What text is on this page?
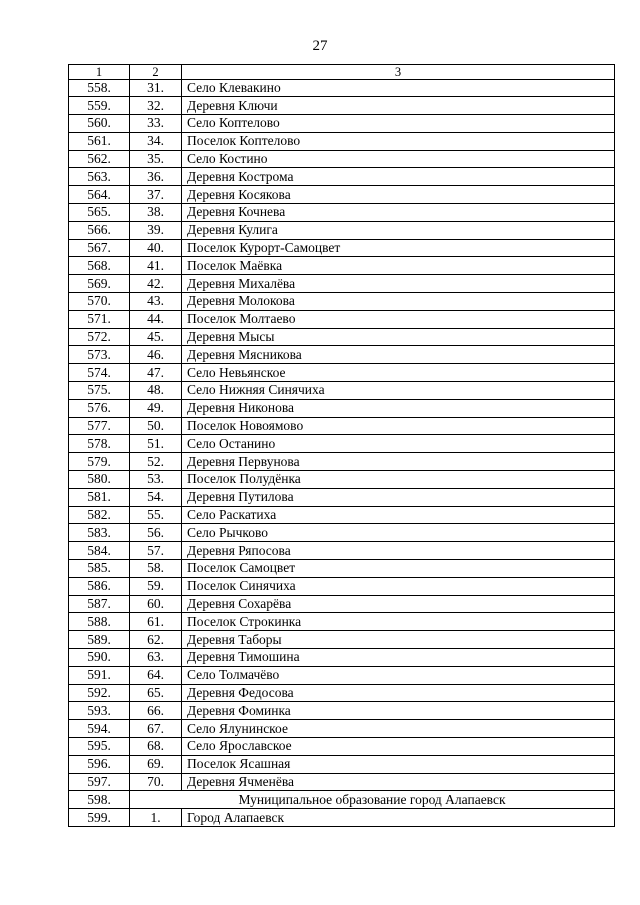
27
1	2	3
558.	31.	Село Клевакино
559.	32.	Деревня Ключи
560.	33.	Село Коптелово
561.	34.	Поселок Коптелово
562.	35.	Село Костино
563.	36.	Деревня Кострома
564.	37.	Деревня Косякова
565.	38.	Деревня Кочнева
566.	39.	Деревня Кулига
567.	40.	Поселок Курорт-Самоцвет
568.	41.	Поселок Маёвка
569.	42.	Деревня Михалёва
570.	43.	Деревня Молокова
571.	44.	Поселок Молтаево
572.	45.	Деревня Мысы
573.	46.	Деревня Мясникова
574.	47.	Село Невьянское
575.	48.	Село Нижняя Синячиха
576.	49.	Деревня Никонова
577.	50.	Поселок Новоямово
578.	51.	Село Останино
579.	52.	Деревня Первунова
580.	53.	Поселок Полудёнка
581.	54.	Деревня Путилова
582.	55.	Село Раскатиха
583.	56.	Село Рычково
584.	57.	Деревня Ряпосова
585.	58.	Поселок Самоцвет
586.	59.	Поселок Синячиха
587.	60.	Деревня Сохарёва
588.	61.	Поселок Строкинка
589.	62.	Деревня Таборы
590.	63.	Деревня Тимошина
591.	64.	Село Толмачёво
592.	65.	Деревня Федосова
593.	66.	Деревня Фоминка
594.	67.	Село Ялунинское
595.	68.	Село Ярославское
596.	69.	Поселок Ясашная
597.	70.	Деревня Ячменёва
598.	Муниципальное образование город Алапаевск	
599.	1.	Город Алапаевск
